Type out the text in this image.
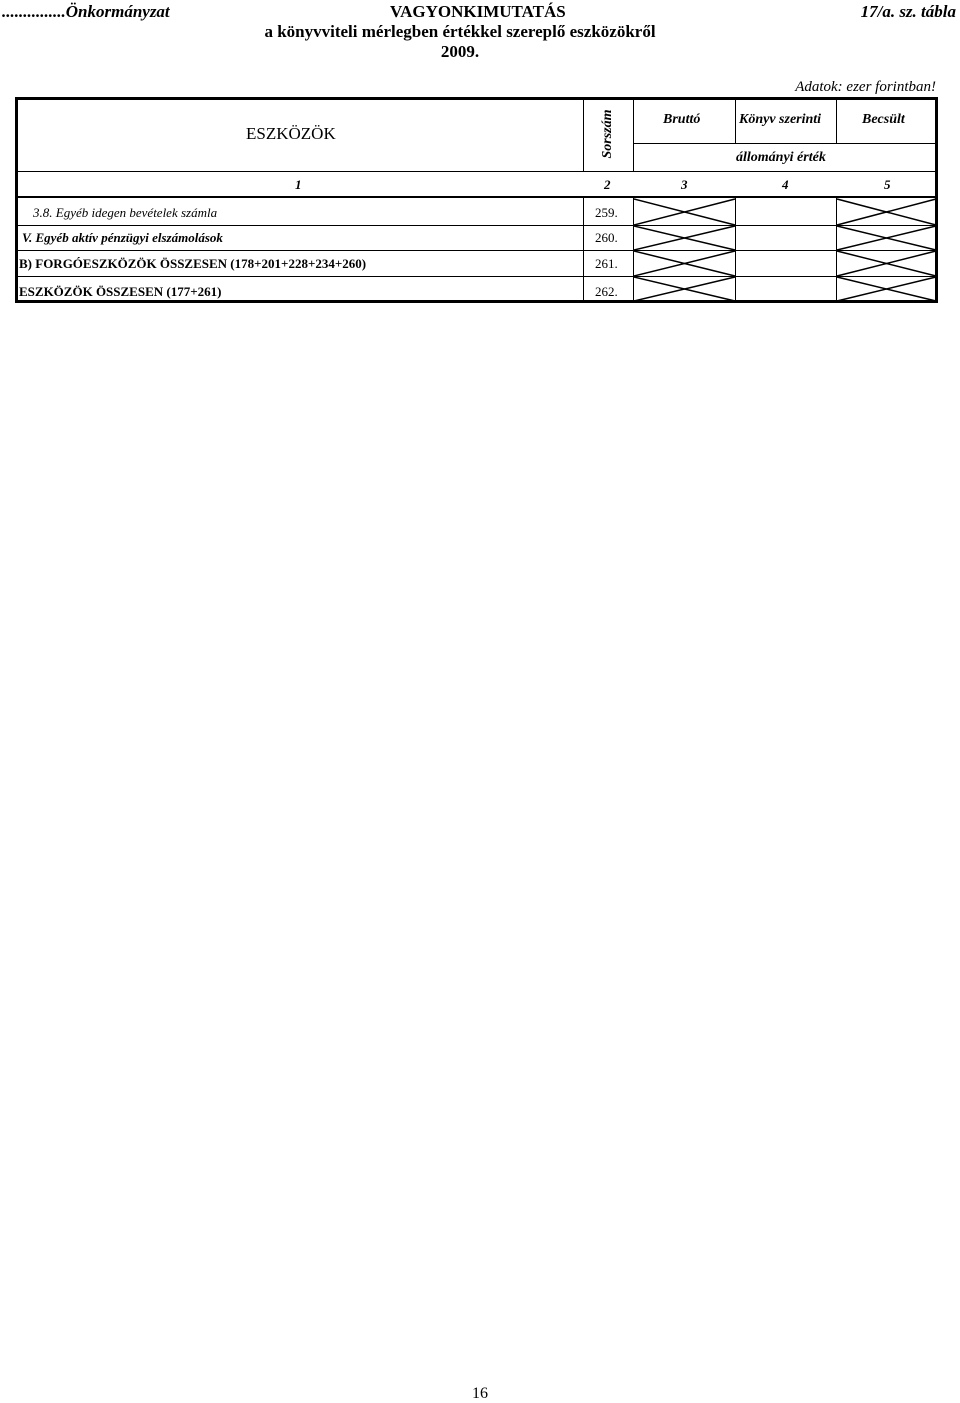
...............Önkormányzat	VAGYONKIMUTATÁS	17/a. sz. tábla
a könyvviteli mérlegben értékkel szereplő eszközökről
2009.
Adatok: ezer forintban!
ESZKÖZÖK	Sorszám	Bruttó	Könyv szerinti	Becsült
állományi érték
1	2	3	4	5
3.8. Egyéb idegen bevételek számla	259.
V. Egyéb aktív pénzügyi elszámolások	260.
B) FORGÓESZKÖZÖK ÖSSZESEN (178+201+228+234+260)	261.
ESZKÖZÖK ÖSSZESEN (177+261)	262.
16
